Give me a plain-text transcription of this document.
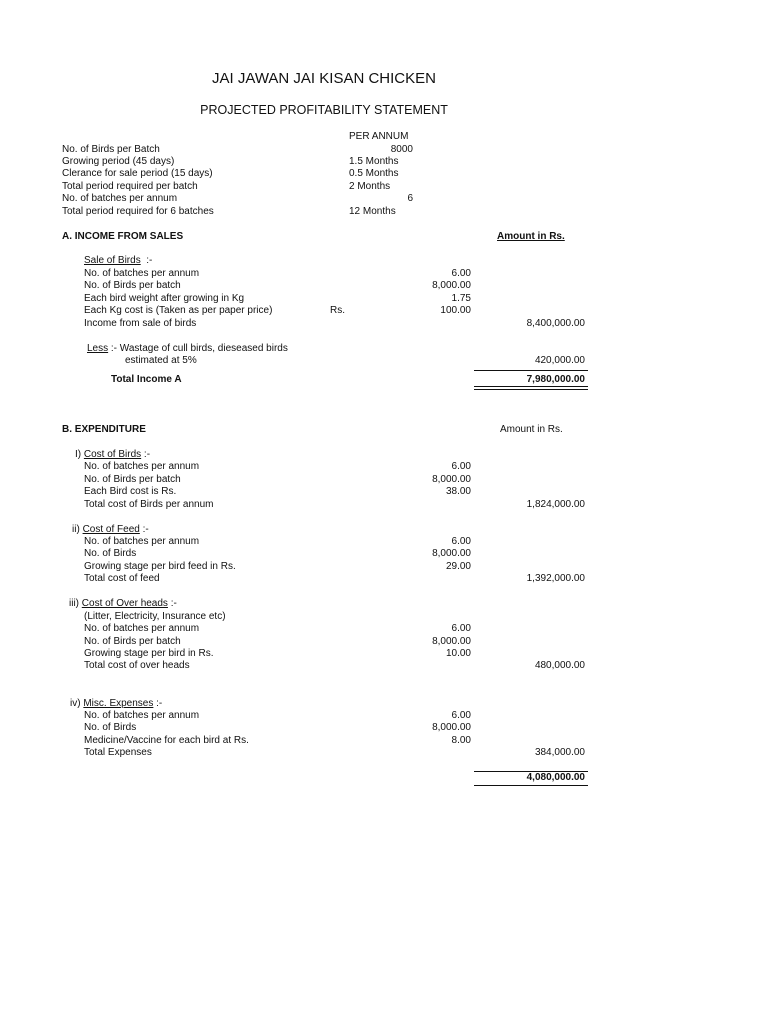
JAI JAWAN JAI KISAN CHICKEN
PROJECTED PROFITABILITY STATEMENT
PER ANNUM
No. of Birds per Batch	8000
Growing period (45 days)	1.5 Months
Clerance for sale period (15 days)	0.5 Months
Total period required per batch	2 Months
No. of batches per annum	6
Total period required for 6 batches	12 Months
A. INCOME FROM SALES	Amount in Rs.
Sale of Birds  :-
No. of batches per annum	6.00
No. of Birds per batch	8,000.00
Each bird weight after growing in Kg	1.75
Each Kg cost is (Taken as per paper price)	Rs.	100.00
Income from sale of birds	8,400,000.00
Less :- Wastage of cull birds, dieseased birds
estimated at 5%	420,000.00
Total Income A	7,980,000.00
B. EXPENDITURE	Amount in Rs.
I) Cost of Birds :-
No. of batches per annum	6.00
No. of Birds per batch	8,000.00
Each Bird cost is Rs.	38.00
Total cost of Birds per annum	1,824,000.00
ii) Cost of Feed :-
No. of batches per annum	6.00
No. of Birds	8,000.00
Growing stage per bird feed in Rs.	29.00
Total cost of feed	1,392,000.00
iii) Cost of Over heads :-
(Litter, Electricity, Insurance etc)
No. of batches per annum	6.00
No. of Birds per batch	8,000.00
Growing stage per bird in Rs.	10.00
Total cost of over heads	480,000.00
iv) Misc. Expenses :-
No. of batches per annum	6.00
No. of Birds	8,000.00
Medicine/Vaccine for each bird at Rs.	8.00
Total Expenses	384,000.00
4,080,000.00
